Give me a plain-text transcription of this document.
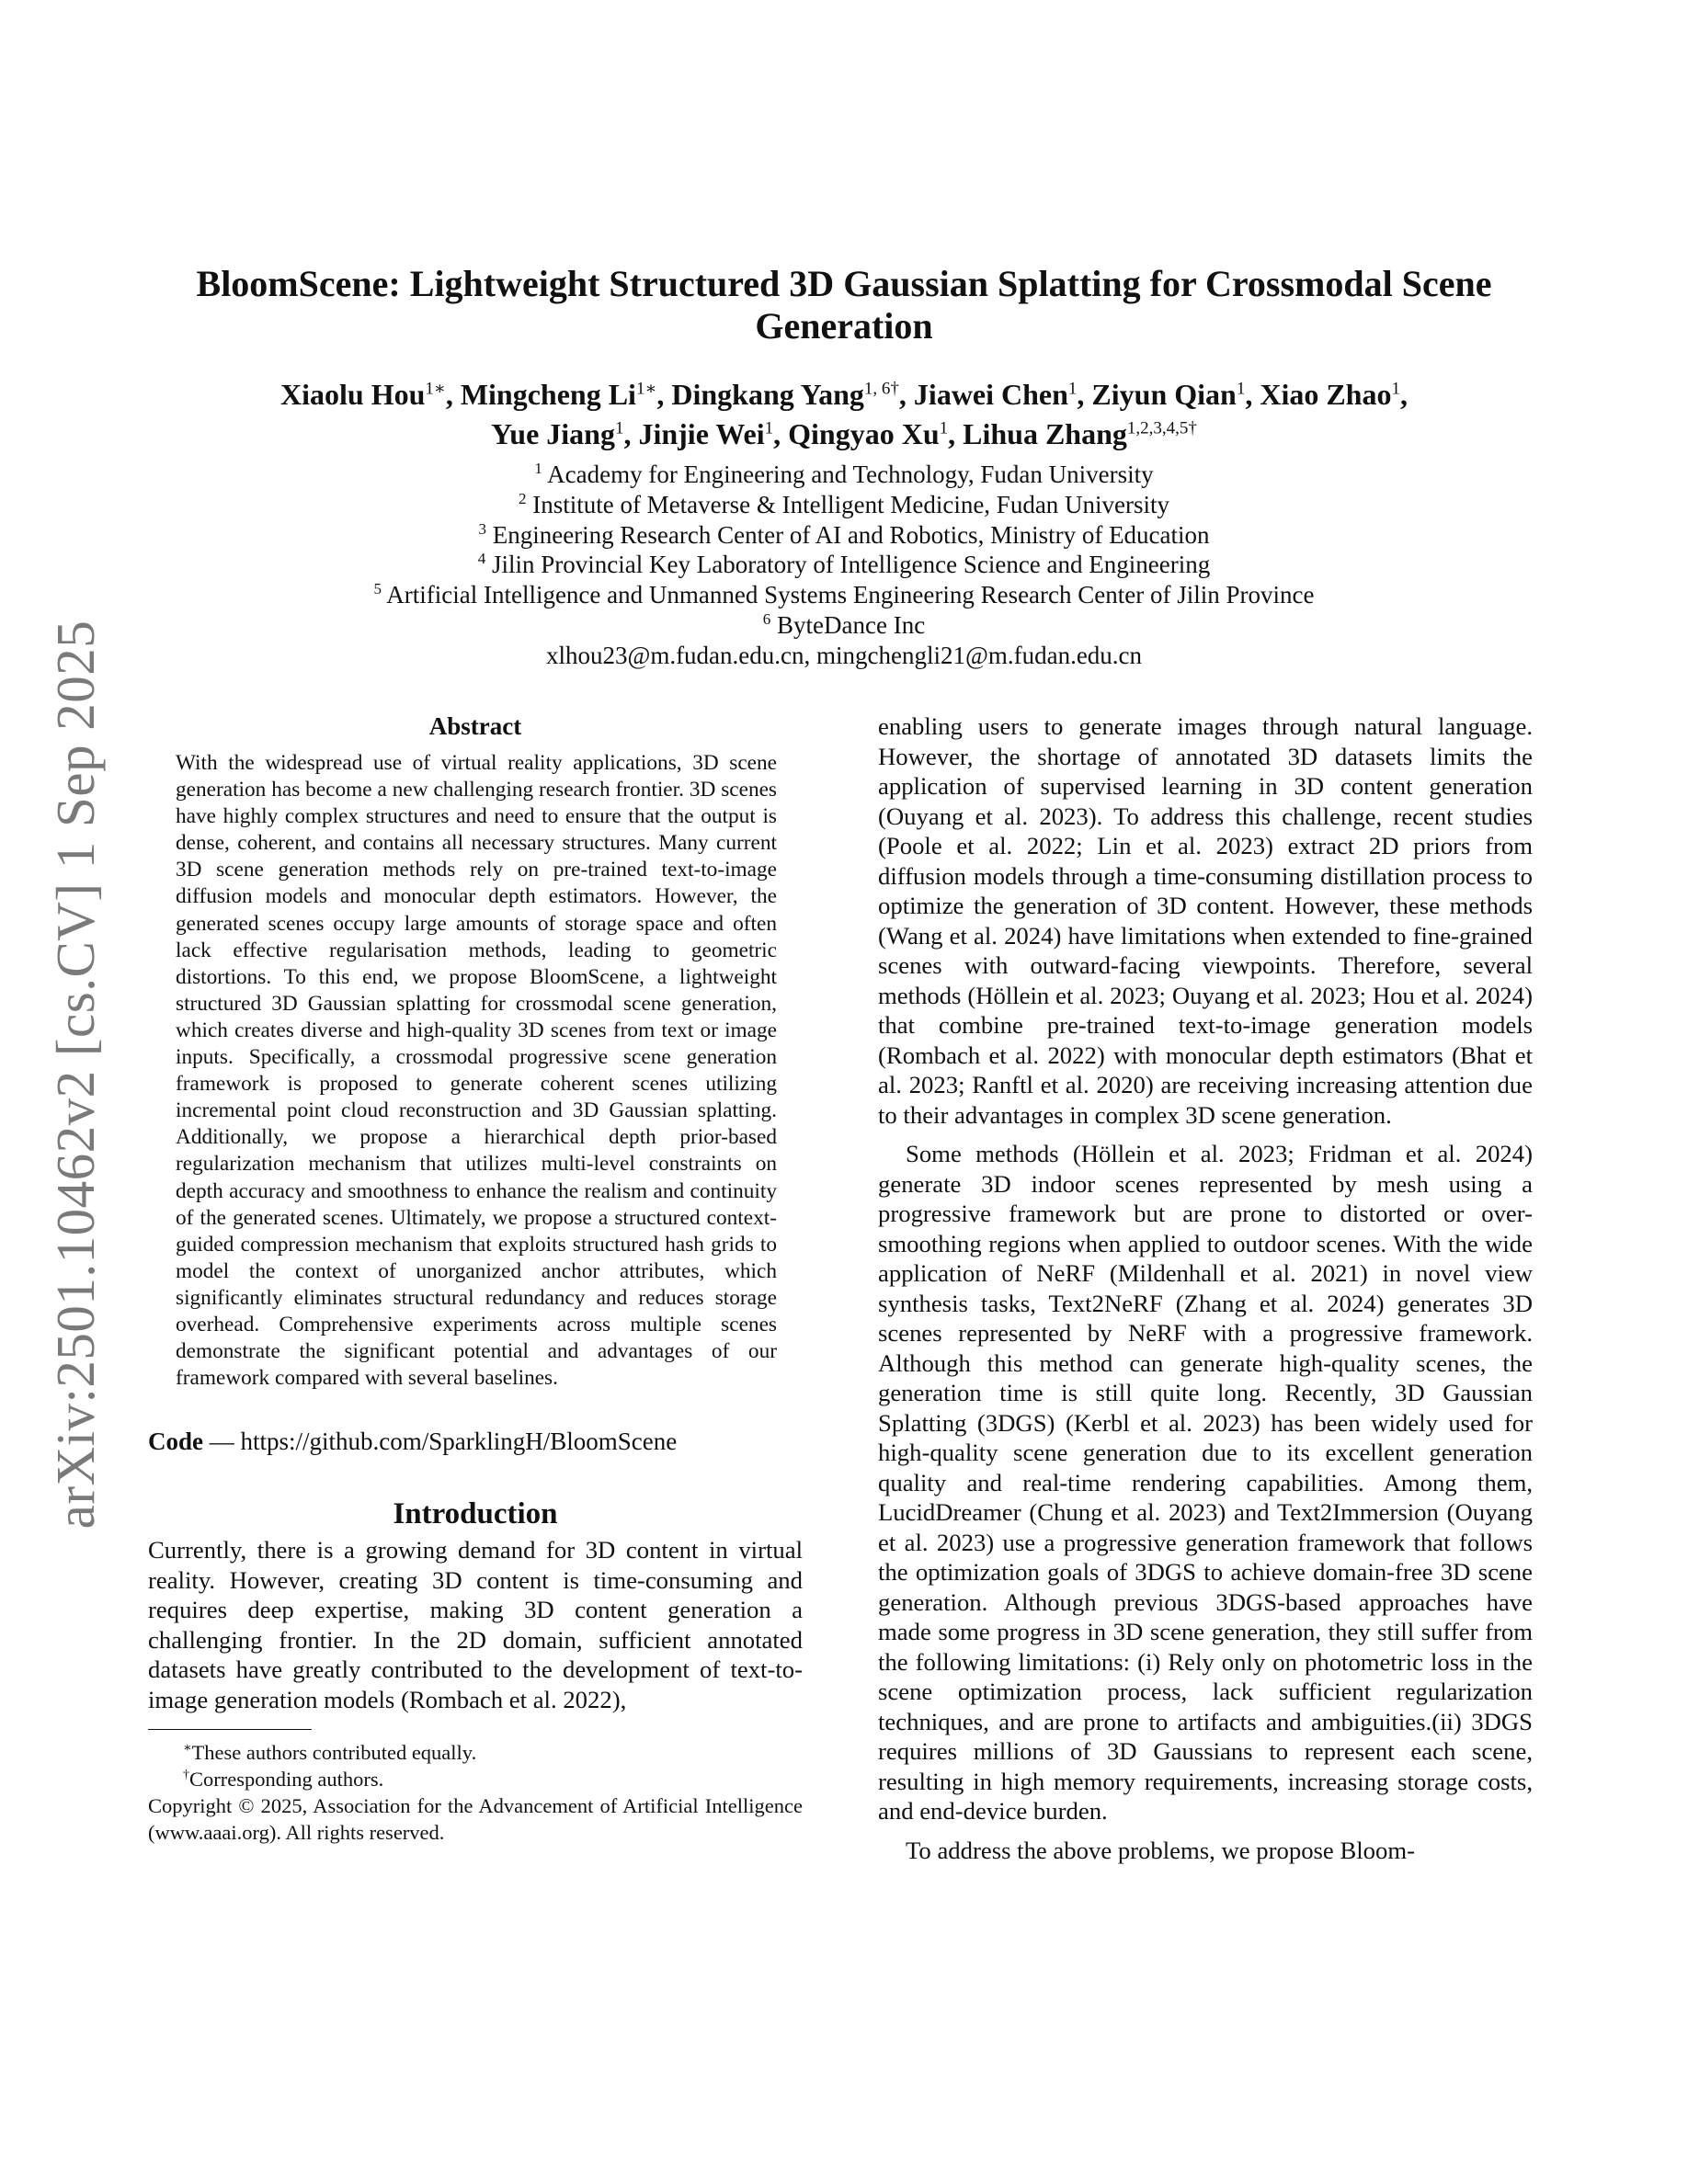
arXiv:2501.10462v2 [cs.CV] 1 Sep 2025
BloomScene: Lightweight Structured 3D Gaussian Splatting for Crossmodal Scene Generation
Xiaolu Hou$^{1∗}$, Mingcheng $Li^{1∗}$, Dingkang Yang$^{1, 6\dagger}$, Jiawei Chen$^1$, Ziyun Qian$^1$, Xiao Zhao$^1$,
Yue Jiang$^1$, Jinjie Wei$^1$, Qingyao Xu$^1$, Lihua Zhang$^{1,2,3,4,5\dagger}$
$^1$ Academy for Engineering and Technology, Fudan University
$^2$ Institute of Metaverse & Intelligent Medicine, Fudan University
$^3$ Engineering Research Center of AI and Robotics, Ministry of Education
$^4$ Jilin Provincial Key Laboratory of Intelligence Science and Engineering
$^5$ Artificial Intelligence and Unmanned Systems Engineering Research Center of Jilin Province
$^6$ ByteDance Inc
xlhou23@m.fudan.edu.cn, mingchengli21@m.fudan.edu.cn
Abstract

With the widespread use of virtual reality applications, 3D scene generation has become a new challenging research frontier. 3D scenes have highly complex structures and need to ensure that the output is dense, coherent, and contains all necessary structures. Many current 3D scene generation methods rely on pre-trained text-to-image diffusion models and monocular depth estimators. However, the generated scenes occupy large amounts of storage space and often lack effective regularisation methods, leading to geometric distortions. To this end, we propose BloomScene, a lightweight structured 3D Gaussian splatting for crossmodal scene generation, which creates diverse and high-quality 3D scenes from text or image inputs. Specifically, a crossmodal progressive scene generation framework is proposed to generate coherent scenes utilizing incremental point cloud reconstruction and 3D Gaussian splatting. Additionally, we propose a hierarchical depth prior-based regularization mechanism that utilizes multi-level constraints on depth accuracy and smoothness to enhance the realism and continuity of the generated scenes. Ultimately, we propose a structured context-guided compression mechanism that exploits structured hash grids to model the context of unorganized anchor attributes, which significantly eliminates structural redundancy and reduces storage overhead. Comprehensive experiments across multiple scenes demonstrate the significant potential and advantages of our framework compared with several baselines.

Code — https://github.com/SparklingH/BloomScene

Introduction

Currently, there is a growing demand for 3D content in virtual reality. However, creating 3D content is time-consuming and requires deep expertise, making 3D content generation a challenging frontier. In the 2D domain, sufficient annotated datasets have greatly contributed to the development of text-to-image generation models (Rombach et al. 2022),

∗These authors contributed equally.

†Corresponding authors.

Copyright © 2025, Association for the Advancement of Artificial Intelligence (www.aaai.org). All rights reserved.

enabling users to generate images through natural language. However, the shortage of annotated 3D datasets limits the application of supervised learning in 3D content generation (Ouyang et al. 2023). To address this challenge, recent studies (Poole et al. 2022; Lin et al. 2023) extract 2D priors from diffusion models through a time-consuming distillation process to optimize the generation of 3D content. However, these methods (Wang et al. 2024) have limitations when extended to fine-grained scenes with outward-facing viewpoints. Therefore, several methods (Höllein et al. 2023; Ouyang et al. 2023; Hou et al. 2024) that combine pre-trained text-to-image generation models (Rombach et al. 2022) with monocular depth estimators (Bhat et al. 2023; Ranftl et al. 2020) are receiving increasing attention due to their advantages in complex 3D scene generation.

Some methods (Höllein et al. 2023; Fridman et al. 2024) generate 3D indoor scenes represented by mesh using a progressive framework but are prone to distorted or over-smoothing regions when applied to outdoor scenes. With the wide application of NeRF (Mildenhall et al. 2021) in novel view synthesis tasks, Text2NeRF (Zhang et al. 2024) generates 3D scenes represented by NeRF with a progressive framework. Although this method can generate high-quality scenes, the generation time is still quite long. Recently, 3D Gaussian Splatting (3DGS) (Kerbl et al. 2023) has been widely used for high-quality scene generation due to its excellent generation quality and real-time rendering capabilities. Among them, LucidDreamer (Chung et al. 2023) and Text2Immersion (Ouyang et al. 2023) use a progressive generation framework that follows the optimization goals of 3DGS to achieve domain-free 3D scene generation. Although previous 3DGS-based approaches have made some progress in 3D scene generation, they still suffer from the following limitations: (i) Rely only on photometric loss in the scene optimization process, lack sufficient regularization techniques, and are prone to artifacts and ambiguities.(ii) 3DGS requires millions of 3D Gaussians to represent each scene, resulting in high memory requirements, increasing storage costs, and end-device burden.

To address the above problems, we propose Bloom-
